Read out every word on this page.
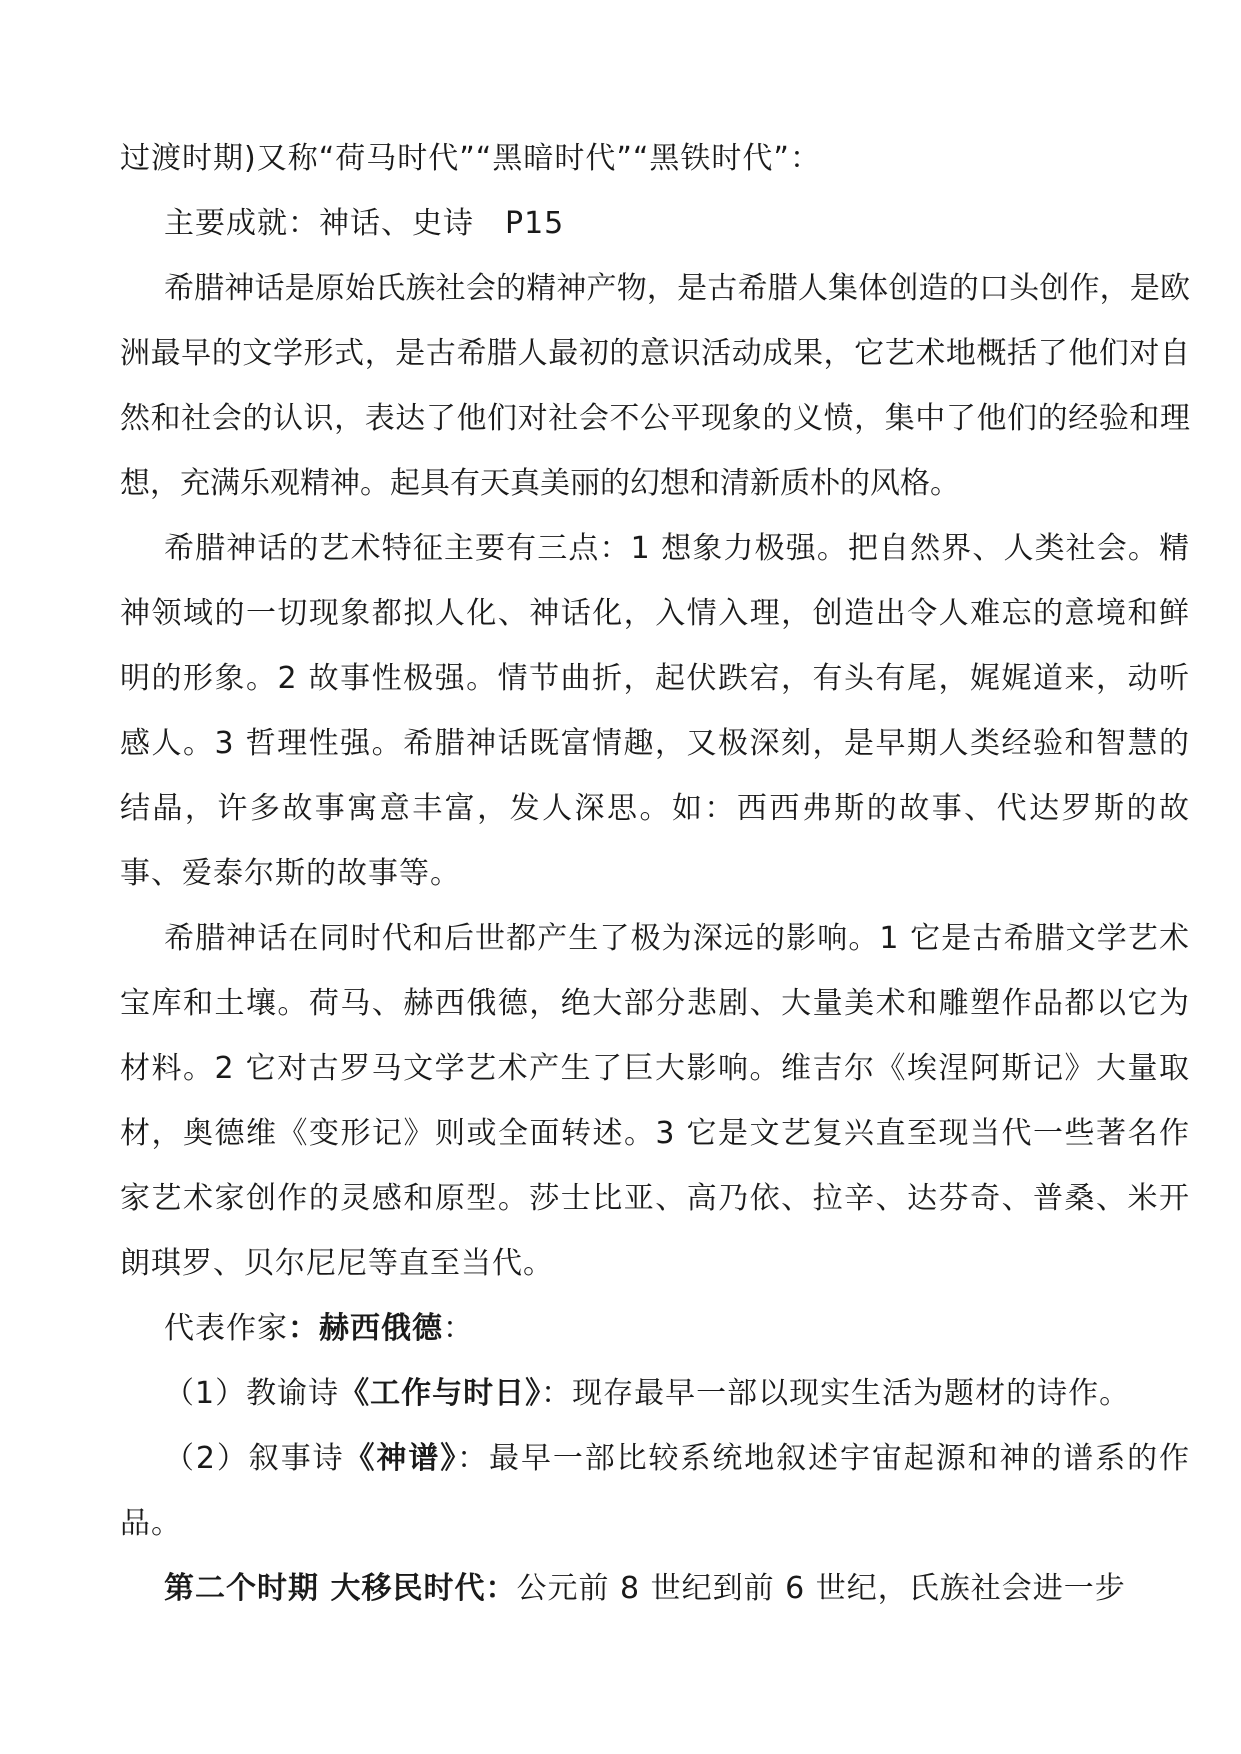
过渡时期)又称“荷马时代”“黑暗时代”“黑铁时代”：

主要成就：神话、史诗　P15

希腊神话是原始氏族社会的精神产物，是古希腊人集体创造的口头创作，是欧洲最早的文学形式，是古希腊人最初的意识活动成果，它艺术地概括了他们对自然和社会的认识，表达了他们对社会不公平现象的义愤，集中了他们的经验和理想，充满乐观精神。起具有天真美丽的幻想和清新质朴的风格。

希腊神话的艺术特征主要有三点：1 想象力极强。把自然界、人类社会。精神领域的一切现象都拟人化、神话化，入情入理，创造出令人难忘的意境和鲜明的形象。2 故事性极强。情节曲折，起伏跌宕，有头有尾，娓娓道来，动听感人。3 哲理性强。希腊神话既富情趣，又极深刻，是早期人类经验和智慧的结晶，许多故事寓意丰富，发人深思。如：西西弗斯的故事、代达罗斯的故事、爱泰尔斯的故事等。

希腊神话在同时代和后世都产生了极为深远的影响。1 它是古希腊文学艺术宝库和土壤。荷马、赫西俄德，绝大部分悲剧、大量美术和雕塑作品都以它为材料。2 它对古罗马文学艺术产生了巨大影响。维吉尔《埃涅阿斯记》大量取材，奥德维《变形记》则或全面转述。3 它是文艺复兴直至现当代一些著名作家艺术家创作的灵感和原型。莎士比亚、高乃依、拉辛、达芬奇、普桑、米开朗琪罗、贝尔尼尼等直至当代。

代表作家：赫西俄德：

（1）教谕诗《工作与时日》：现存最早一部以现实生活为题材的诗作。

（2）叙事诗《神谱》：最早一部比较系统地叙述宇宙起源和神的谱系的作品。

第二个时期 大移民时代：公元前 8 世纪到前 6 世纪，氏族社会进一步
